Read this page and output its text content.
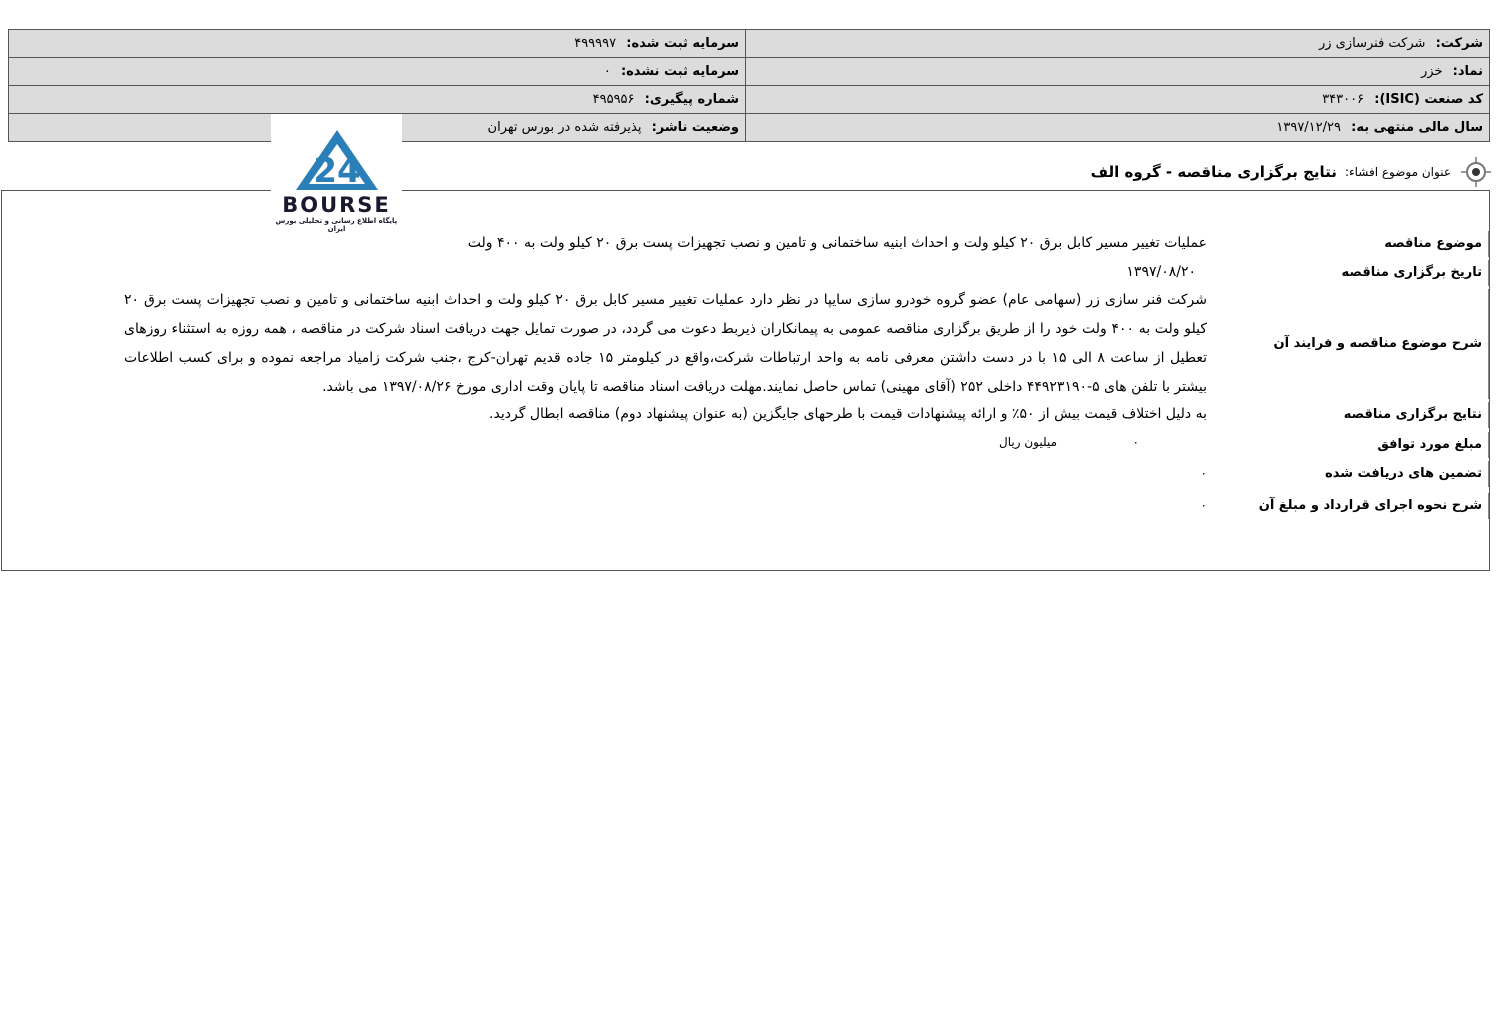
شرکت: شرکت فنرسازی زر	سرمایه ثبت شده: ۴۹۹۹۹۷
نماد: خزر	سرمایه ثبت نشده: ۰
کد صنعت (ISIC): ۳۴۳۰۰۶	شماره پیگیری: ۴۹۵۹۵۶
سال مالی منتهی به: ۱۳۹۷/۱۲/۲۹	وضعیت ناشر: پذیرفته شده در بورس تهران
عنوان موضوع افشاء:
نتایج برگزاری مناقصه - گروه الف
موضوع مناقصه
عملیات تغییر مسیر کابل برق ۲۰ کیلو ولت و احداث ابنیه ساختمانی و تامین و نصب تجهیزات پست برق ۲۰ کیلو ولت به ۴۰۰ ولت
تاریخ برگزاری مناقصه
۱۳۹۷/۰۸/۲۰
شرح موضوع مناقصه و فرایند آن
شرکت فنر سازی زر (سهامی عام) عضو گروه خودرو سازی سایپا در نظر دارد عملیات تغییر مسیر کابل برق ۲۰ کیلو ولت و احداث ابنیه ساختمانی و تامین و نصب تجهیزات پست برق ۲۰ کیلو ولت به ۴۰۰ ولت خود را از طریق برگزاری مناقصه عمومی به پیمانکاران ذیربط دعوت می گردد، در صورت تمایل جهت دریافت اسناد شرکت در مناقصه ، همه روزه به استثناء روزهای تعطیل از ساعت ۸ الی ۱۵ با در دست داشتن معرفی نامه به واحد ارتباطات شرکت،واقع در کیلومتر ۱۵ جاده قدیم تهران-کرج ،جنب شرکت زامیاد مراجعه نموده و برای کسب اطلاعات بیشتر با تلفن های ۵-۴۴۹۲۳۱۹۰ داخلی ۲۵۲ (آقای مهینی) تماس حاصل نمایند.مهلت دریافت اسناد مناقصه تا پایان وقت اداری مورخ ۱۳۹۷/۰۸/۲۶ می باشد.
نتایج برگزاری مناقصه
به دلیل اختلاف قیمت بیش از ۵۰٪ و ارائه پیشنهادات قیمت با طرحهای جایگزین (به عنوان پیشنهاد دوم) مناقصه ابطال گردید.
مبلغ مورد توافق
۰
میلیون ریال
تضمین های دریافت شده
۰
شرح نحوه اجرای قرارداد و مبلغ آن
۰
24
BOURSE
پایگاه اطلاع رسانی و تحلیلی بورس ایران
